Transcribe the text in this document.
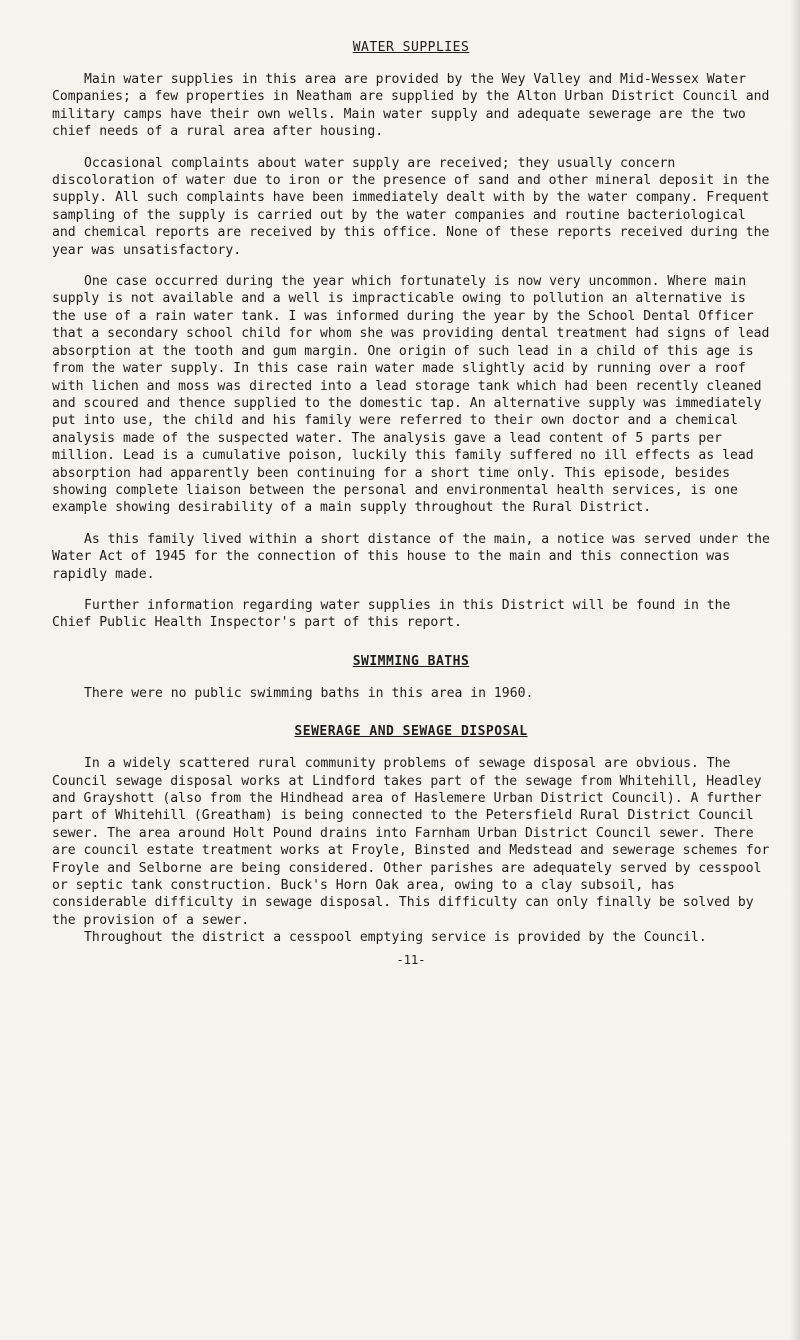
WATER SUPPLIES

Main water supplies in this area are provided by the Wey Valley and Mid-Wessex Water Companies; a few properties in Neatham are supplied by the Alton Urban District Council and military camps have their own wells. Main water supply and adequate sewerage are the two chief needs of a rural area after housing.

Occasional complaints about water supply are received; they usually concern discoloration of water due to iron or the presence of sand and other mineral deposit in the supply. All such complaints have been immediately dealt with by the water company. Frequent sampling of the supply is carried out by the water companies and routine bacteriological and chemical reports are received by this office. None of these reports received during the year was unsatisfactory.

One case occurred during the year which fortunately is now very uncommon. Where main supply is not available and a well is impracticable owing to pollution an alternative is the use of a rain water tank. I was informed during the year by the School Dental Officer that a secondary school child for whom she was providing dental treatment had signs of lead absorption at the tooth and gum margin. One origin of such lead in a child of this age is from the water supply. In this case rain water made slightly acid by running over a roof with lichen and moss was directed into a lead storage tank which had been recently cleaned and scoured and thence supplied to the domestic tap. An alternative supply was immediately put into use, the child and his family were referred to their own doctor and a chemical analysis made of the suspected water. The analysis gave a lead content of 5 parts per million. Lead is a cumulative poison, luckily this family suffered no ill effects as lead absorption had apparently been continuing for a short time only. This episode, besides showing complete liaison between the personal and environmental health services, is one example showing desirability of a main supply throughout the Rural District.

As this family lived within a short distance of the main, a notice was served under the Water Act of 1945 for the connection of this house to the main and this connection was rapidly made.

Further information regarding water supplies in this District will be found in the Chief Public Health Inspector's part of this report.

SWIMMING BATHS

There were no public swimming baths in this area in 1960.

SEWERAGE AND SEWAGE DISPOSAL

In a widely scattered rural community problems of sewage disposal are obvious. The Council sewage disposal works at Lindford takes part of the sewage from Whitehill, Headley and Grayshott (also from the Hindhead area of Haslemere Urban District Council). A further part of Whitehill (Greatham) is being connected to the Petersfield Rural District Council sewer. The area around Holt Pound drains into Farnham Urban District Council sewer. There are council estate treatment works at Froyle, Binsted and Medstead and sewerage schemes for Froyle and Selborne are being considered. Other parishes are adequately served by cesspool or septic tank construction. Buck's Horn Oak area, owing to a clay subsoil, has considerable difficulty in sewage disposal. This difficulty can only finally be solved by the provision of a sewer.

Throughout the district a cesspool emptying service is provided by the Council.

-11-
